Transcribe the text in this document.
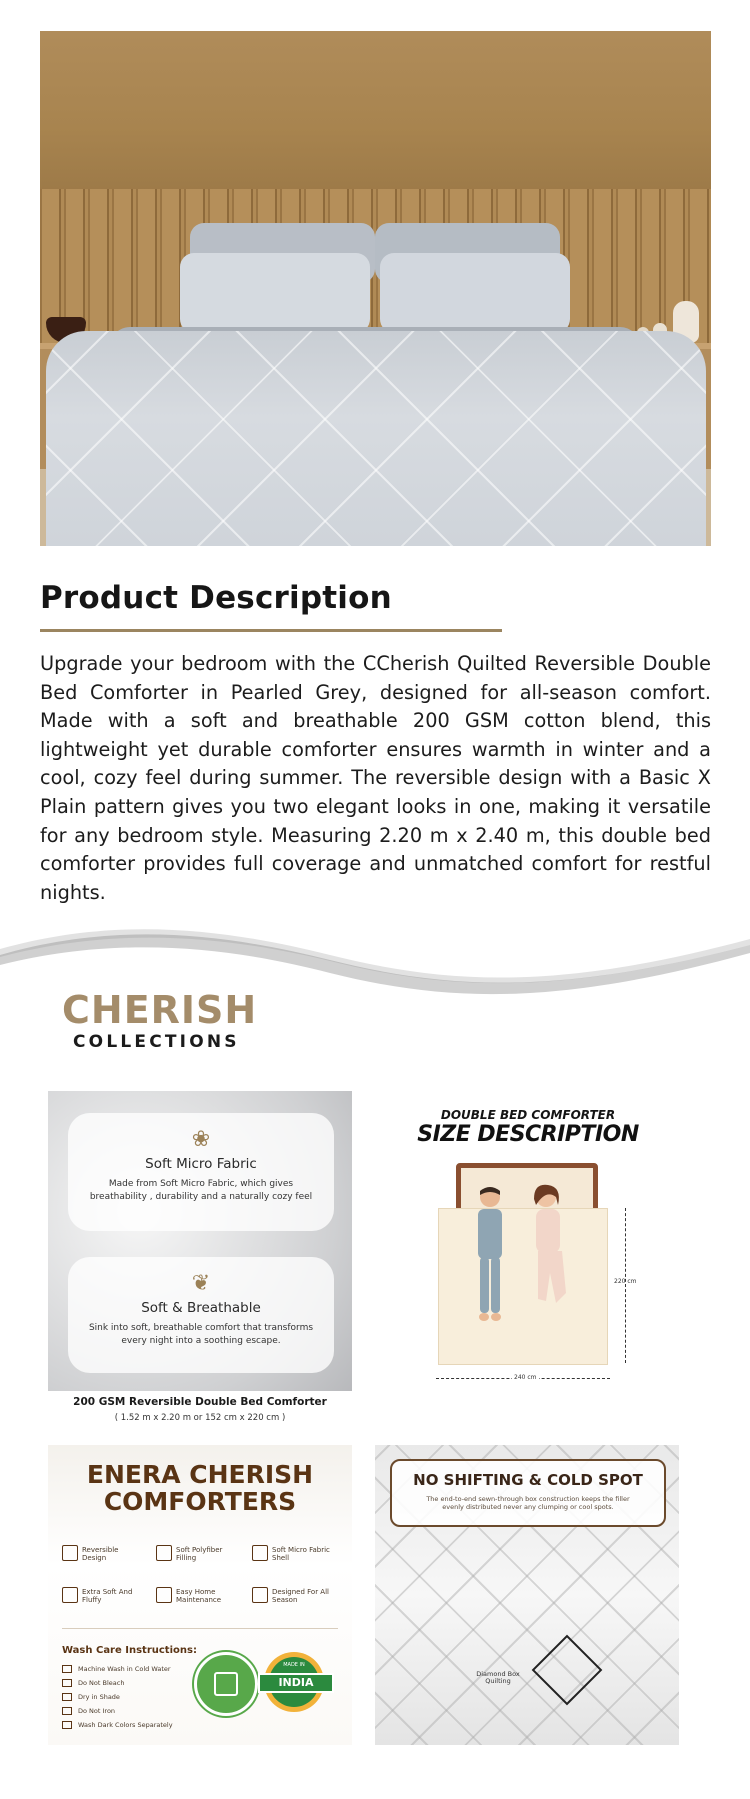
Product Description
Upgrade your bedroom with the CCherish Quilted Reversible Double Bed Comforter in Pearled Grey, designed for all-season comfort. Made with a soft and breathable 200 GSM cotton blend, this lightweight yet durable comforter ensures warmth in winter and a cool, cozy feel during summer. The reversible design with a Basic X Plain pattern gives you two elegant looks in one, making it versatile for any bedroom style. Measuring 2.20 m x 2.40 m, this double bed comforter provides full coverage and unmatched comfort for restful nights.
CHERISH
COLLECTIONS
❀
Soft Micro Fabric
Made from Soft Micro Fabric, which gives breathability , durability and a naturally cozy feel
❦
Soft & Breathable
Sink into soft, breathable comfort that transforms every night into a soothing escape.
200 GSM Reversible Double Bed Comforter
( 1.52 m x 2.20 m or 152 cm x 220 cm )
DOUBLE BED COMFORTER
SIZE DESCRIPTION
220 cm
240 cm
ENERA CHERISH
COMFORTERS
Reversible Design
Soft Polyfiber Filling
Soft Micro Fabric Shell
Extra Soft And Fluffy
Easy Home Maintenance
Designed For All Season
Wash Care Instructions:
Machine Wash in Cold Water
Do Not Bleach
Dry in Shade
Do Not Iron
Wash Dark Colors Separately
MADE IN
INDIA
NO SHIFTING & COLD SPOT
The end-to-end sewn-through box construction keeps the filler evenly distributed never any clumping or cool spots.
Diamond Box Quilting
